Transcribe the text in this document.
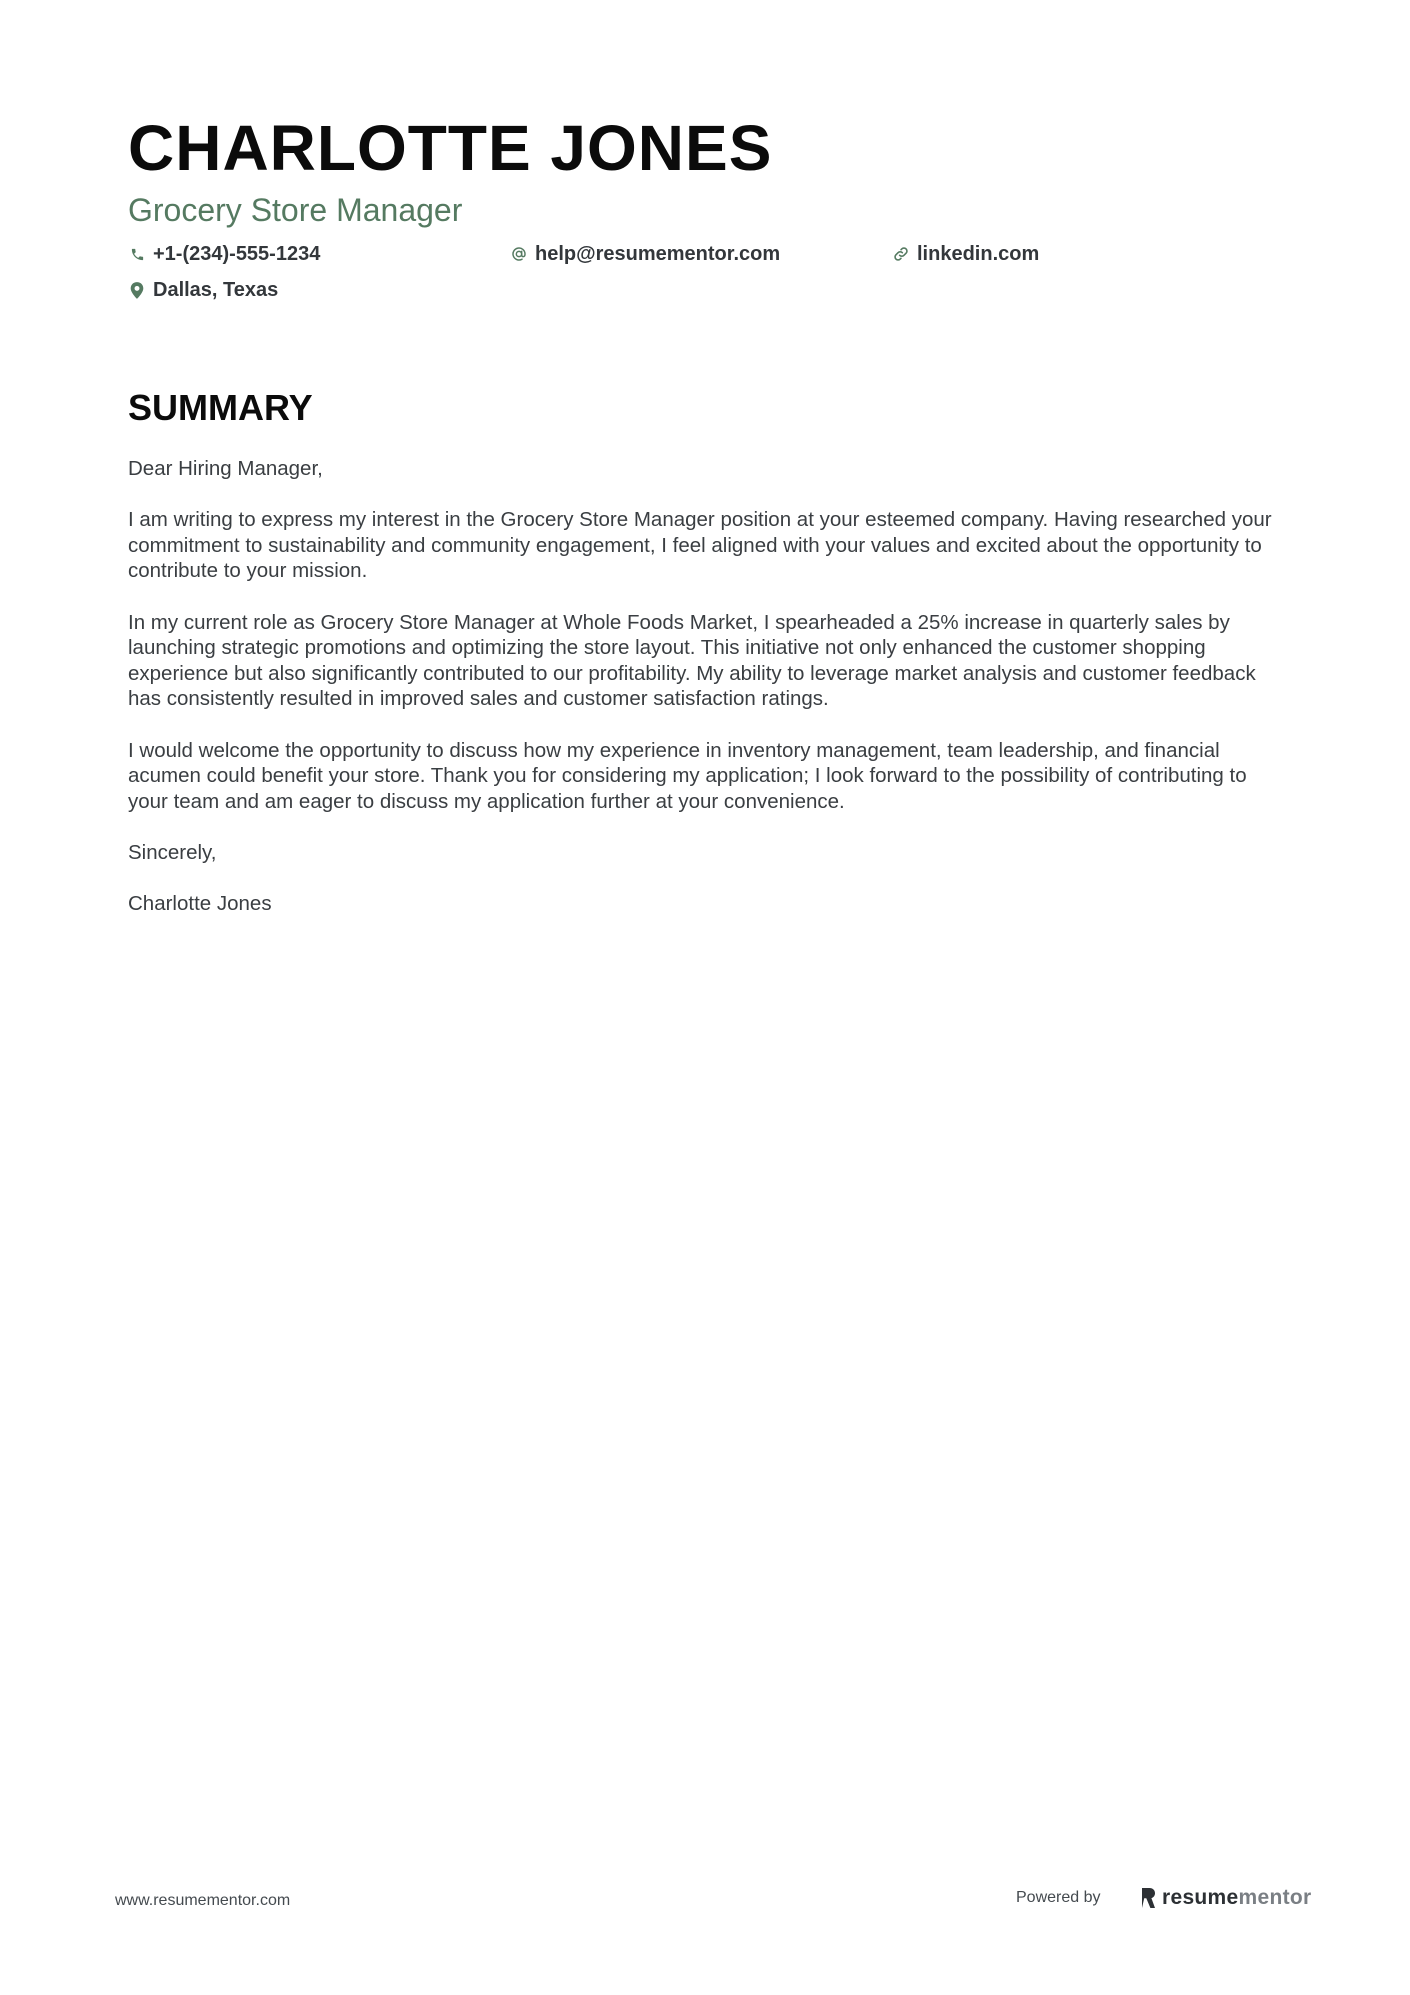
CHARLOTTE JONES
Grocery Store Manager
+1-(234)-555-1234	help@resumementor.com	linkedin.com
Dallas, Texas
SUMMARY

Dear Hiring Manager,

I am writing to express my interest in the Grocery Store Manager position at your esteemed company. Having researched your commitment to sustainability and community engagement, I feel aligned with your values and excited about the opportunity to contribute to your mission.

In my current role as Grocery Store Manager at Whole Foods Market, I spearheaded a 25% increase in quarterly sales by launching strategic promotions and optimizing the store layout. This initiative not only enhanced the customer shopping experience but also significantly contributed to our profitability. My ability to leverage market analysis and customer feedback has consistently resulted in improved sales and customer satisfaction ratings.

I would welcome the opportunity to discuss how my experience in inventory management, team leadership, and financial acumen could benefit your store. Thank you for considering my application; I look forward to the possibility of contributing to your team and am eager to discuss my application further at your convenience.

Sincerely,

Charlotte Jones

www.resumementor.com	Powered by	resumementor
